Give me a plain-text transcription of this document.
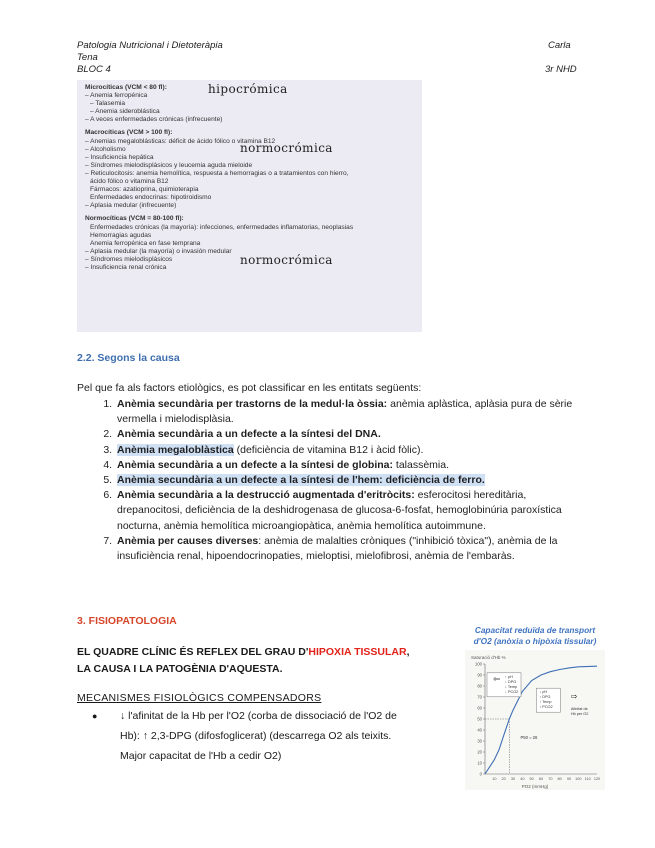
Patologia Nutricional i Dietoteràpia
Tena
BLOC 4
Carla
3r NHD
Microcíticas (VCM < 80 fl):
– Anemia ferropénica
– Talasemia
– Anemia sideroblástica
– A veces enfermedades crónicas (infrecuente)
Macrocíticas (VCM > 100 fl):
– Anemias megaloblásticas: déficit de ácido fólico o vitamina B12
– Alcoholismo
– Insuficiencia hepática
– Síndromes mielodisplásicos y leucemia aguda mieloide
– Reticulocitosis: anemia hemolítica, respuesta a hemorragias o a tratamientos con hierro,
ácido fólico o vitamina B12
Fármacos: azatioprina, quimioterapia
Enfermedades endocrinas: hipotiroidismo
– Aplasia medular (infrecuente)
Normocíticas (VCM = 80-100 fl):
Enfermedades crónicas (la mayoría): infecciones, enfermedades inflamatorias, neoplasias
Hemorragias agudas
Anemia ferropénica en fase temprana
– Aplasia medular (la mayoría) o invasión medular
– Síndromes mielodisplásicos
– Insuficiencia renal crónica
hipocrómica
normocrómica
normocrómica
2.2. Segons la causa
Pel que fa als factors etiològics, es pot classificar en les entitats següents:
1. Anèmia secundària per trastorns de la medul·la òssia: anèmia aplàstica, aplàsia pura de sèrie vermella i mielodisplàsia.
2. Anèmia secundària a un defecte a la síntesi del DNA.
3. Anèmia megaloblàstica (deficiència de vitamina B12 i àcid fòlic).
4. Anèmia secundària a un defecte a la síntesi de globina: talassèmia.
5. Anèmia secundària a un defecte a la síntesi de l'hem: deficiència de ferro.
6. Anèmia secundària a la destrucció augmentada d'eritròcits: esferocitosi hereditària, drepanocitosi, deficiència de la deshidrogenasa de glucosa-6-fosfat, hemoglobinúria paroxística nocturna, anèmia hemolítica microangiopàtica, anèmia hemolítica autoimmune.
7. Anèmia per causes diverses: anèmia de malalties cròniques ("inhibició tòxica"), anèmia de la insuficiència renal, hipoendocrinopaties, mieloptisi, mielofibrosi, anèmia de l'embaràs.
3. FISIOPATOLOGIA
EL QUADRE CLÍNIC ÉS REFLEX DEL GRAU D'HIPOXIA TISSULAR, LA CAUSA I LA PATOGÈNIA D'AQUESTA.
MECANISMES FISIOLÒGICS COMPENSADORS
●	↓ l'afinitat de la Hb per l'O2 (corba de dissociació de l'O2 de Hb): ↑ 2,3-DPG (difosfoglicerat) (descarrega O2 als teixits. Major capacitat de l'Hb a cedir O2)
Capacitat reduïda de transport d'O2 (anòxia o hipòxia tissular)
Saturació d'Hb %
PO2 (mmHg)
0
10
20
30
40
50
60
70
80
90
100
10 20 30 40 50 60 70 80 90 100 110 120
P50 = 26
⇦ ↑ pH
↓ DPG
↓ Temp
↓ PCO2	↓ pH
↑ DPG
↑ Temp
↑ PCO2
⇨
Afinitat de
Hb per O2
